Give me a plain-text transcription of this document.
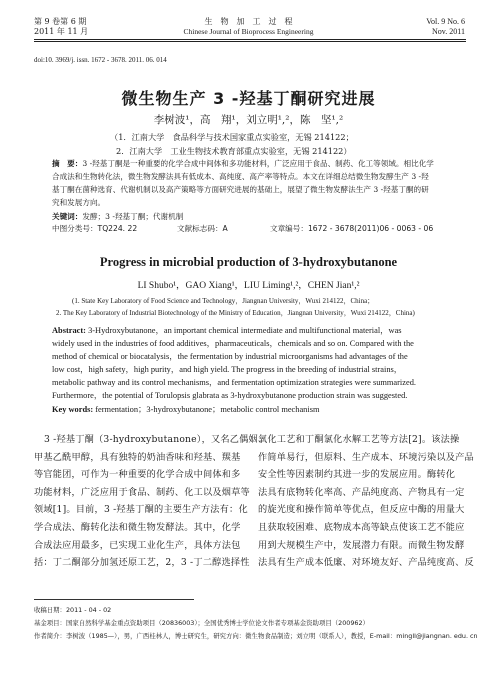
第 9 卷第 6 期
2011 年 11 月
生　物　加　工　过　程
Chinese Journal of Bioprocess Engineering
Vol. 9 No. 6
Nov. 2011
doi:10. 3969/j. issn. 1672 - 3678. 2011. 06. 014
微生物生产 3 -羟基丁酮研究进展
李树波¹，高　翔¹，刘立明¹,²，陈　坚¹,²
（1．江南大学　食品科学与技术国家重点实验室，无锡 214122；
2．江南大学　工业生物技术教育部重点实验室，无锡 214122）
摘　要：3 -羟基丁酮是一种重要的化学合成中间体和多功能材料，广泛应用于食品、制药、化工等领域。相比化学
合成法和生物转化法，微生物发酵法具有低成本、高纯度、高产率等特点。本文在详细总结微生物发酵生产 3 -羟
基丁酮在菌种选育、代谢机制以及高产策略等方面研究进展的基础上，展望了微生物发酵法生产 3 -羟基丁酮的研
究和发展方向。
关键词：发酵；3 -羟基丁酮；代谢机制
中图分类号：TQ224. 22	文献标志码：A	文章编号：1672 - 3678(2011)06 - 0063 - 06
Progress in microbial production of 3-hydroxybutanone
LI Shubo¹，GAO Xiang¹，LIU Liming¹,²，CHEN Jian¹,²
(1. State Key Laboratory of Food Science and Technology，Jiangnan University，Wuxi 214122，China；
2. The Key Laboratory of Industrial Biotechnology of the Ministry of Education，Jiangnan University，Wuxi 214122，China)
Abstract: 3-Hydroxybutanone，an important chemical intermediate and multifunctional material，was
widely used in the industries of food additives，pharmaceuticals，chemicals and so on. Compared with the
method of chemical or biocatalysis，the fermentation by industrial microorganisms had advantages of the
low cost，high safety，high purity，and high yield. The progress in the breeding of industrial strains，
metabolic pathway and its control mechanisms，and fermentation optimization strategies were summarized.
Furthermore，the potential of Torulopsis glabrata as 3-hydroxybutanone production strain was suggested.
Key words: fermentation；3-hydroxybutanone；metabolic control mechanism
3 -羟基丁酮（3-hydroxybutanone），又名乙偶姻、
甲基乙酰甲醇，具有独特的奶油香味和羟基、羰基
等官能团，可作为一种重要的化学合成中间体和多
功能材料，广泛应用于食品、制药、化工以及烟草等
领域[1]。目前，3 -羟基丁酮的主要生产方法有：化
学合成法、酶转化法和微生物发酵法。其中，化学
合成法应用最多，已实现工业化生产，具体方法包
括：丁二酮部分加氢还原工艺，2，3 -丁二醇选择性
氧化工艺和丁酮氯化水解工艺等方法[2]。该法操
作简单易行，但原料、生产成本、环境污染以及产品
安全性等因素制约其进一步的发展应用。酶转化
法具有底物转化率高、产品纯度高、产物具有一定
的旋光度和操作简单等优点，但反应中酶的用量大
且获取较困难、底物成本高等缺点使该工艺不能应
用到大规模生产中，发展潜力有限。而微生物发酵
法具有生产成本低廉、对环境友好、产品纯度高、反
收稿日期：2011 - 04 - 02
基金项目：国家自然科学基金重点资助项目（20836003）；全国优秀博士学位论文作者专项基金资助项目（200962）
作者简介：李树波（1985—），男，广西桂林人，博士研究生，研究方向：微生物食品制造；刘立明（联系人），教授，E-mail：mingll@jiangnan. edu. cn
